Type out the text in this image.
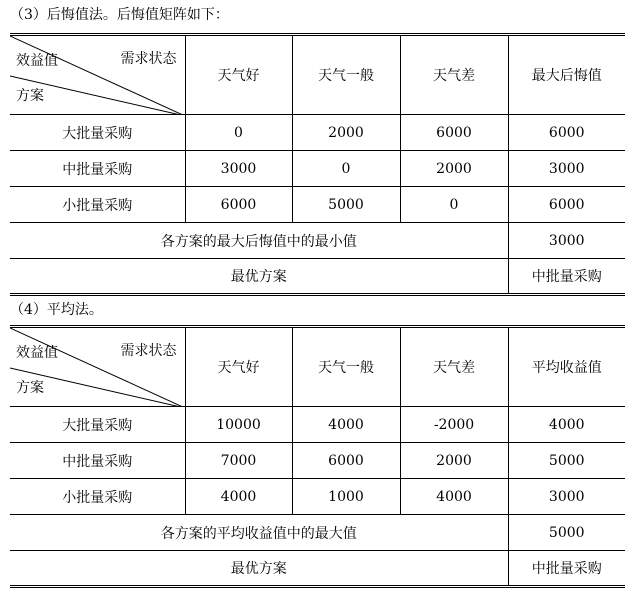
（3）后悔值法。后悔值矩阵如下：
效益值 需求状态
方案	天气好	天气一般	天气差	最大后悔值
大批量采购	0	2000	6000	6000
中批量采购	3000	0	2000	3000
小批量采购	6000	5000	0	6000
各方案的最大后悔值中的最小值				3000
最优方案				中批量采购
（4）平均法。
效益值 需求状态
方案	天气好	天气一般	天气差	平均收益值
大批量采购	10000	4000	-2000	4000
中批量采购	7000	6000	2000	5000
小批量采购	4000	1000	4000	3000
各方案的平均收益值中的最大值				5000
最优方案				中批量采购
